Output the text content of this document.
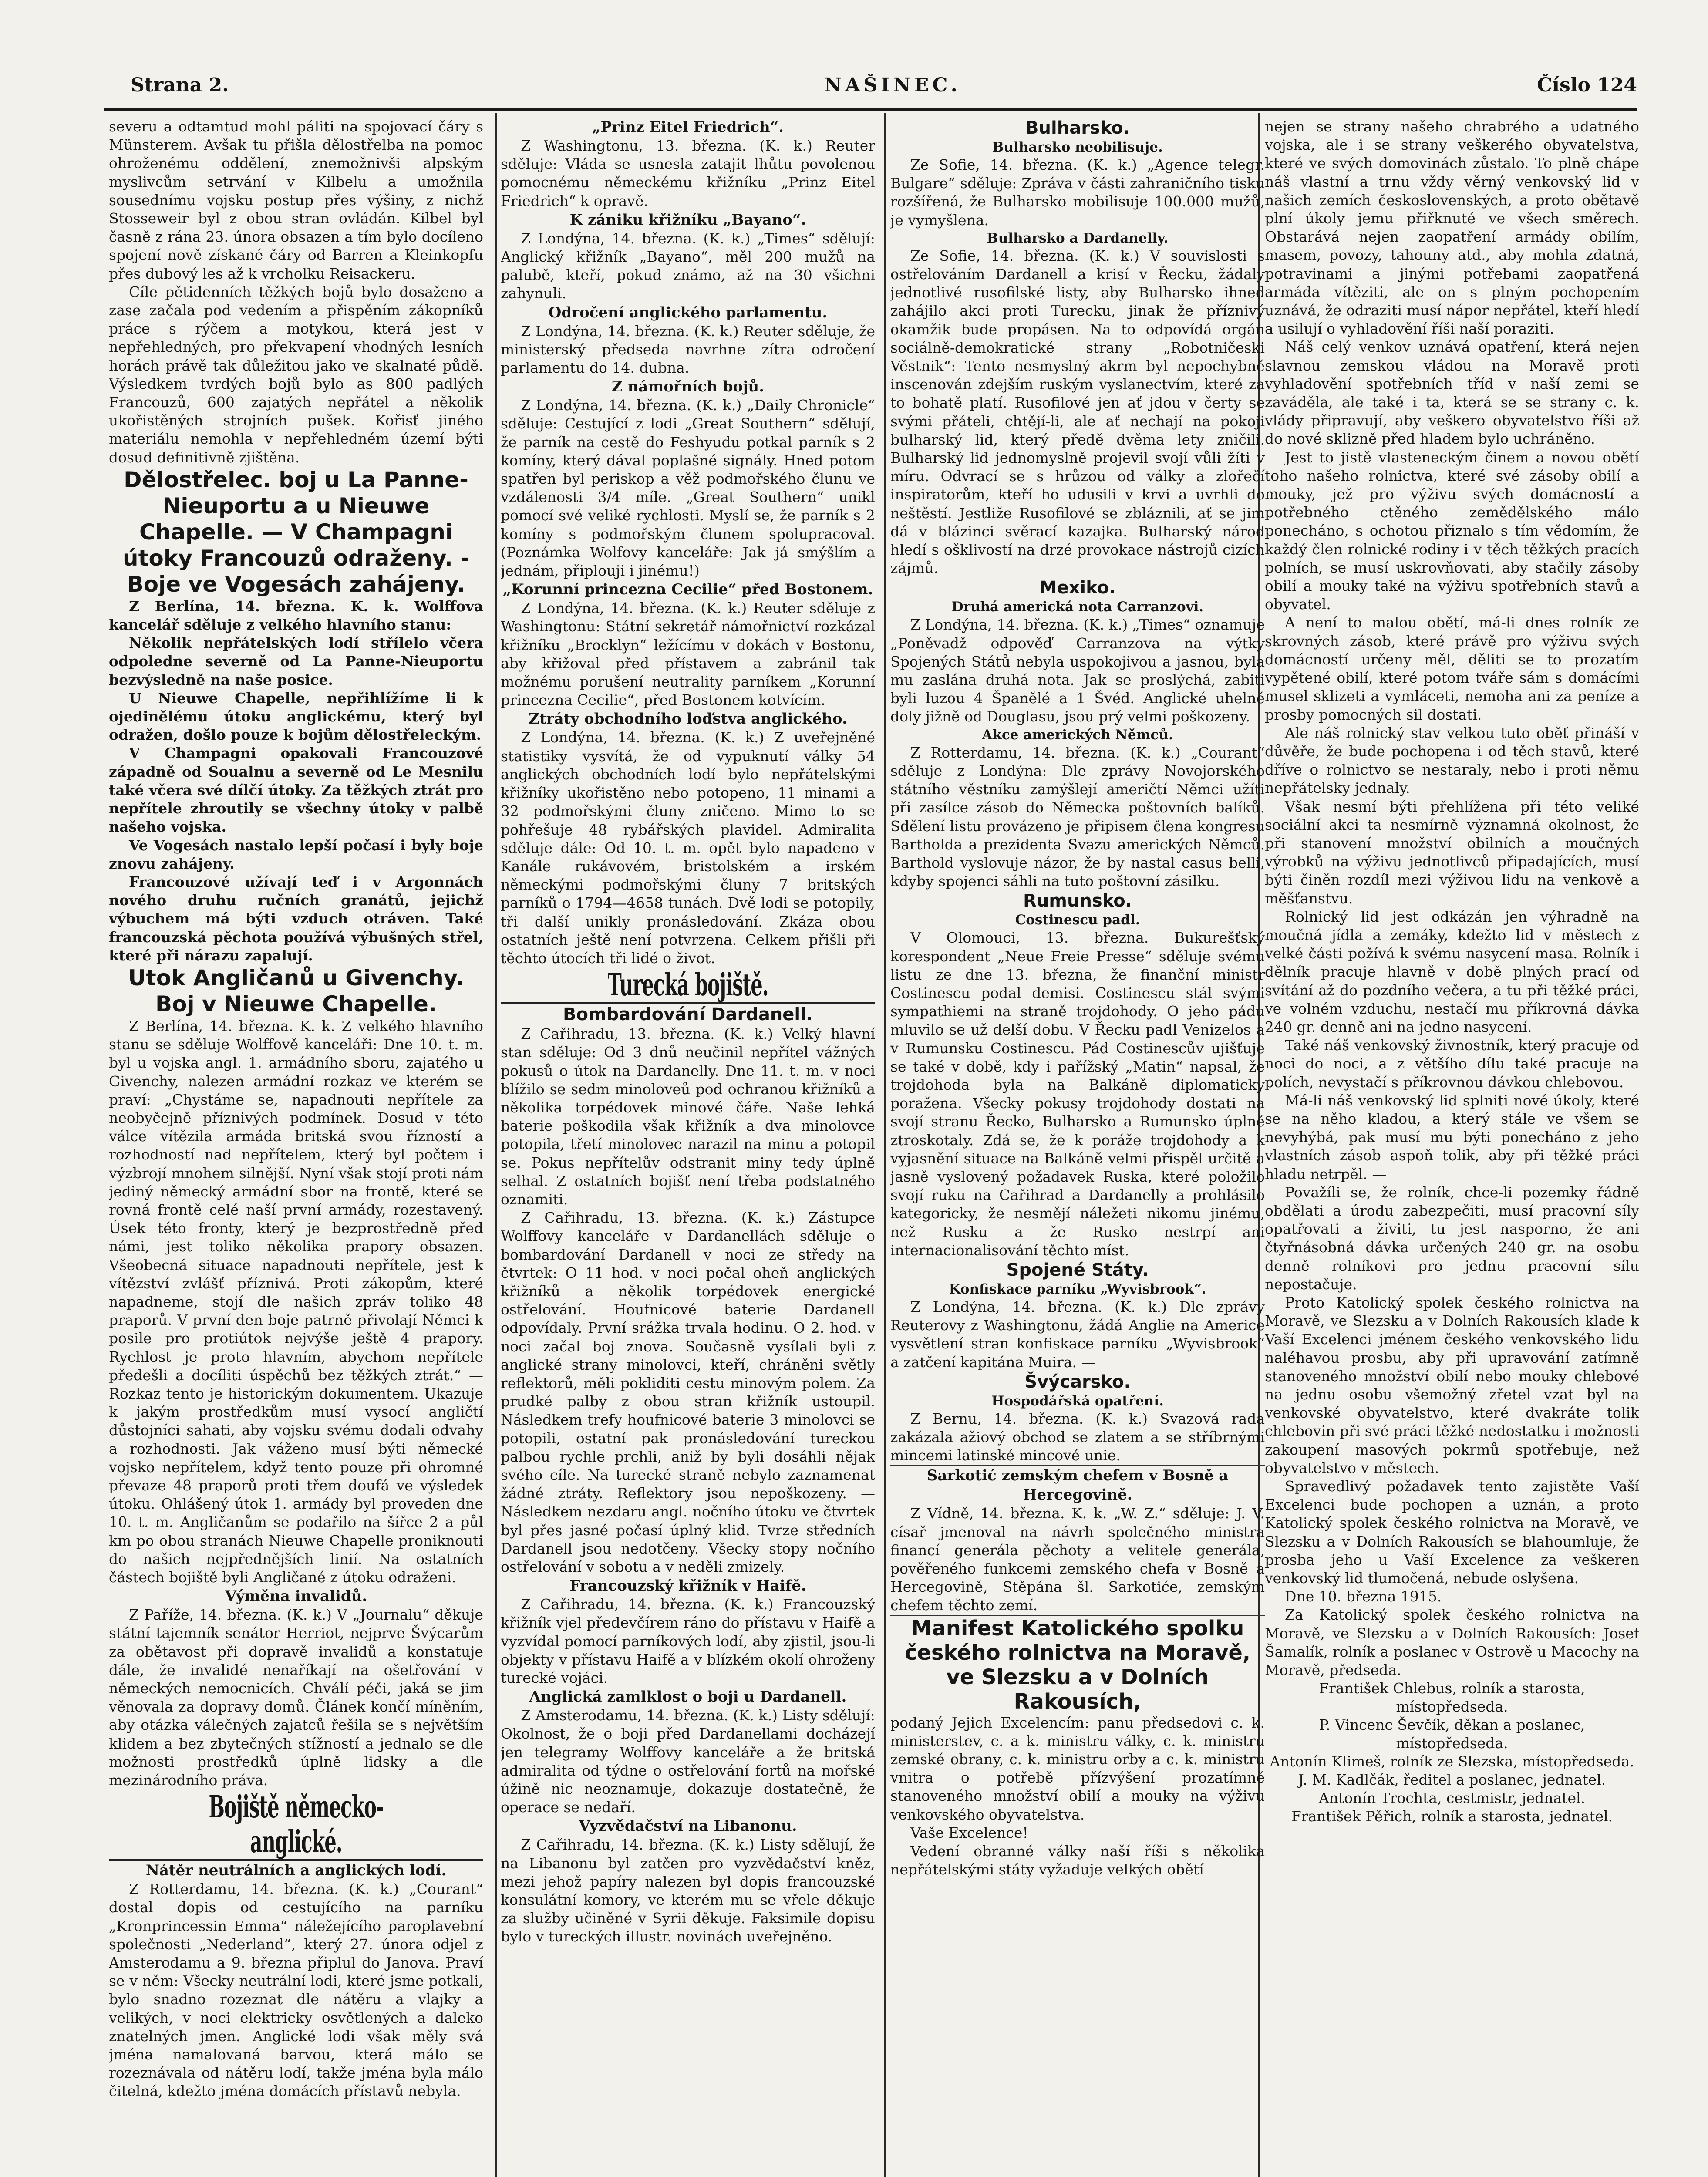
Strana 2.	NAŠINEC.	Číslo 124

severu a odtamtud mohl páliti na spojovací čáry s Münsterem. Avšak tu přišla dělostřelba na pomoc ohroženému oddělení, znemožnivši alpským myslivcům setrvání v Kilbelu a umožnila sousednímu vojsku postup přes výšiny, z nichž Stosseweir byl z obou stran ovládán. Kilbel byl časně z rána 23. února obsazen a tím bylo docíleno spojení nově získané čáry od Barren a Kleinkopfu přes dubový les až k vrcholku Reisackeru.

Cíle pětidenních těžkých bojů bylo dosaženo a zase začala pod vedením a přispěním zákopníků práce s rýčem a motykou, která jest v nepřehledných, pro překvapení vhodných lesních horách právě tak důležitou jako ve skalnaté půdě. Výsledkem tvrdých bojů bylo as 800 padlých Francouzů, 600 zajatých nepřátel a několik ukořistěných strojních pušek. Kořisť jiného materiálu nemohla v nepřehledném území býti dosud definitivně zjištěna.

Dělostřelec. boj u La Panne-Nieuportu a u Nieuwe Chapelle. — V Champagni útoky Francouzů odraženy. - Boje ve Vogesách zahájeny.

Z Berlína, 14. března. K. k. Wolffova kancelář sděluje z velkého hlavního stanu:

Několik nepřátelských lodí střílelo včera odpoledne severně od La Panne-Nieuportu bezvýsledně na naše posice.

U Nieuwe Chapelle, nepřihlížíme li k ojedinělému útoku anglickému, který byl odražen, došlo pouze k bojům dělostřeleckým.

V Champagni opakovali Francouzové západně od Soualnu a severně od Le Mesnilu také včera své dílčí útoky. Za těžkých ztrát pro nepřítele zhroutily se všechny útoky v palbě našeho vojska.

Ve Vogesách nastalo lepší počasí i byly boje znovu zahájeny.

Francouzové užívají teď i v Argonnách nového druhu ručních granátů, jejichž výbuchem má býti vzduch otráven. Také francouzská pěchota používá výbušných střel, které při nárazu zapalují.

Utok Angličanů u Givenchy. Boj v Nieuwe Chapelle.

Z Berlína, 14. března. K. k. Z velkého hlavního stanu se sděluje Wolffově kanceláři: Dne 10. t. m. byl u vojska angl. 1. armádního sboru, zajatého u Givenchy, nalezen armádní rozkaz ve kterém se praví: „Chystáme se, napadnouti nepřítele za neobyčejně příznivých podmínek. Dosud v této válce vítězila armáda britská svou řízností a rozhodností nad nepřítelem, který byl počtem i výzbrojí mnohem silnější. Nyní však stojí proti nám jediný německý armádní sbor na frontě, které se rovná frontě celé naší první armády, rozestavený. Úsek této fronty, který je bezprostředně před námi, jest toliko několika prapory obsazen. Všeobecná situace napadnouti nepřítele, jest k vítězství zvlášť příznivá. Proti zákopům, které napadneme, stojí dle našich zpráv toliko 48 praporů. V první den boje patrně přivolají Němci k posile pro protiútok nejvýše ještě 4 prapory. Rychlost je proto hlavním, abychom nepřítele předešli a docíliti úspěchů bez těžkých ztrát.“ — Rozkaz tento je historickým dokumentem. Ukazuje k jakým prostředkům musí vysocí angličtí důstojníci sahati, aby vojsku svému dodali odvahy a rozhodnosti. Jak váženo musí býti německé vojsko nepřítelem, když tento pouze při ohromné převaze 48 praporů proti třem doufá ve výsledek útoku. Ohlášený útok 1. armády byl proveden dne 10. t. m. Angličanům se podařilo na šířce 2 a půl km po obou stranách Nieuwe Chapelle proniknouti do našich nejpřednějších linií. Na ostatních částech bojiště byli Angličané z útoku odraženi.

Výměna invalidů.

Z Paříže, 14. března. (K. k.) V „Journalu“ děkuje státní tajemník senátor Herriot, nejprve Švýcarům za obětavost při dopravě invalidů a konstatuje dále, že invalidé nenaříkají na ošetřování v německých nemocnicích. Chválí péči, jaká se jim věnovala za dopravy domů. Článek končí míněním, aby otázka válečných zajatců řešila se s největším klidem a bez zbytečných stížností a jednalo se dle možnosti prostředků úplně lidsky a dle mezinárodního práva.

Bojiště německo-anglické.
Nátěr neutrálních a anglických lodí.

Z Rotterdamu, 14. března. (K. k.) „Courant“ dostal dopis od cestujícího na parníku „Kronprincessin Emma“ náležejícího paroplavební společnosti „Nederland“, který 27. února odjel z Amsterodamu a 9. března připlul do Janova. Praví se v něm: Všecky neutrální lodi, které jsme potkali, bylo snadno rozeznat dle nátěru a vlajky a velikých, v noci elektricky osvětlených a daleko znatelných jmen. Anglické lodi však měly svá jména namalovaná barvou, která málo se rozeznávala od nátěru lodí, takže jména byla málo čitelná, kdežto jména domácích přístavů nebyla.

„Prinz Eitel Friedrich“.

Z Washingtonu, 13. března. (K. k.) Reuter sděluje: Vláda se usnesla zatajit lhůtu povolenou pomocnému německému křižníku „Prinz Eitel Friedrich“ k opravě.

K zániku křižníku „Bayano“.

Z Londýna, 14. března. (K. k.) „Times“ sdělují: Anglický křižník „Bayano“, měl 200 mužů na palubě, kteří, pokud známo, až na 30 všichni zahynuli.

Odročení anglického parlamentu.

Z Londýna, 14. března. (K. k.) Reuter sděluje, že ministerský předseda navrhne zítra odročení parlamentu do 14. dubna.

Z námořních bojů.

Z Londýna, 14. března. (K. k.) „Daily Chronicle“ sděluje: Cestující z lodi „Great Southern“ sdělují, že parník na cestě do Feshyudu potkal parník s 2 komíny, který dával poplašné signály. Hned potom spatřen byl periskop a věž podmořského člunu ve vzdálenosti 3/4 míle. „Great Southern“ unikl pomocí své veliké rychlosti. Myslí se, že parník s 2 komíny s podmořským člunem spolupracoval. (Poznámka Wolfovy kanceláře: Jak já smýšlím a jednám, připlouji i jinému!)

„Korunní princezna Cecilie“ před Bostonem.

Z Londýna, 14. března. (K. k.) Reuter sděluje z Washingtonu: Státní sekretář námořnictví rozkázal křižníku „Brocklyn“ ležícímu v dokách v Bostonu, aby křižoval před přístavem a zabránil tak možnému porušení neutrality parníkem „Korunní princezna Cecilie“, před Bostonem kotvícím.

Ztráty obchodního loďstva anglického.

Z Londýna, 14. března. (K. k.) Z uveřejněné statistiky vysvítá, že od vypuknutí války 54 anglických obchodních lodí bylo nepřátelskými křižníky ukořistěno nebo potopeno, 11 minami a 32 podmořskými čluny zničeno. Mimo to se pohřešuje 48 rybářských plavidel. Admiralita sděluje dále: Od 10. t. m. opět bylo napadeno v Kanále rukávovém, bristolském a irském německými podmořskými čluny 7 britských parníků o 1794—4658 tunách. Dvě lodi se potopily, tři další unikly pronásledování. Zkáza obou ostatních ještě není potvrzena. Celkem přišli při těchto útocích tři lidé o život.

Turecká bojiště.
Bombardování Dardanell.

Z Cařihradu, 13. března. (K. k.) Velký hlavní stan sděluje: Od 3 dnů neučinil nepřítel vážných pokusů o útok na Dardanelly. Dne 11. t. m. v noci blížilo se sedm minoloveů pod ochranou křižníků a několika torpédovek minové čáře. Naše lehká baterie poškodila však křižník a dva minolovce potopila, třetí minolovec narazil na minu a potopil se. Pokus nepřítelův odstranit miny tedy úplně selhal. Z ostatních bojišť není třeba podstatného oznamiti.

Z Cařihradu, 13. března. (K. k.) Zástupce Wolffovy kanceláře v Dardanellách sděluje o bombardování Dardanell v noci ze středy na čtvrtek: O 11 hod. v noci počal oheň anglických křižníků a několik torpédovek energické ostřelování. Houfnicové baterie Dardanell odpovídaly. První srážka trvala hodinu. O 2. hod. v noci začal boj znova. Současně vysílali byli z anglické strany minolovci, kteří, chráněni světly reflektorů, měli pokliditi cestu minovým polem. Za prudké palby z obou stran křižník ustoupil. Následkem trefy houfnicové baterie 3 minolovci se potopili, ostatní pak pronásledování tureckou palbou rychle prchli, aniž by byli dosáhli nějak svého cíle. Na turecké straně nebylo zaznamenat žádné ztráty. Reflektory jsou nepoškozeny. — Následkem nezdaru angl. nočního útoku ve čtvrtek byl přes jasné počasí úplný klid. Tvrze středních Dardanell jsou nedotčeny. Všecky stopy nočního ostřelování v sobotu a v neděli zmizely.

Francouzský křižník v Haifě.

Z Cařihradu, 14. března. (K. k.) Francouzský křižník vjel předevčírem ráno do přístavu v Haifě a vyzvídal pomocí parníkových lodí, aby zjistil, jsou-li objekty v přístavu Haifě a v blízkém okolí ohroženy turecké vojáci.

Anglická zamlklost o boji u Dardanell.

Z Amsterodamu, 14. března. (K. k.) Listy sdělují: Okolnost, že o boji před Dardanellami docházejí jen telegramy Wolffovy kanceláře a že britská admiralita od týdne o ostřelování fortů na mořské úžině nic neoznamuje, dokazuje dostatečně, že operace se nedaří.

Vyzvědačství na Libanonu.

Z Cařihradu, 14. března. (K. k.) Listy sdělují, že na Libanonu byl zatčen pro vyzvědačství kněz, mezi jehož papíry nalezen byl dopis francouzské konsulátní komory, ve kterém mu se vřele děkuje za služby učiněné v Syrii děkuje. Faksimile dopisu bylo v tureckých illustr. novinách uveřejněno.

Bulharsko.
Bulharsko neobilisuje.

Ze Sofie, 14. března. (K. k.) „Agence telegr. Bulgare“ sděluje: Zpráva v části zahraničního tisku rozšířená, že Bulharsko mobilisuje 100.000 mužů, je vymyšlena.

Bulharsko a Dardanelly.

Ze Sofie, 14. března. (K. k.) V souvislosti s ostřelováním Dardanell a krisí v Řecku, žádaly jednotlivé rusofilské listy, aby Bulharsko ihned zahájilo akci proti Turecku, jinak že příznivý okamžik bude propásen. Na to odpovídá orgán sociálně-demokratické strany „Robotničeski Věstnik“: Tento nesmyslný akrm byl nepochybně inscenován zdejším ruským vyslanectvím, které za to bohatě platí. Rusofilové jen ať jdou v čerty se svými přáteli, chtějí-li, ale ať nechají na pokoji bulharský lid, který předě dvěma lety zničili. Bulharský lid jednomyslně projevil svojí vůli žíti v míru. Odvrací se s hrůzou od války a zlořečí inspiratorům, kteří ho udusili v krvi a uvrhli do neštěstí. Jestliže Rusofilové se zbláznili, ať se jim dá v blázinci svěrací kazajka. Bulharský národ hledí s ošklivostí na drzé provokace nástrojů cizích zájmů.

Mexiko.
Druhá americká nota Carranzovi.

Z Londýna, 14. března. (K. k.) „Times“ oznamuje „Poněvadž odpověď Carranzova na výtky Spojených Států nebyla uspokojivou a jasnou, byla mu zaslána druhá nota. Jak se proslýchá, zabiti byli luzou 4 Španělé a 1 Švéd. Anglické uhelné doly jižně od Douglasu, jsou prý velmi poškozeny.

Akce amerických Němců.

Z Rotterdamu, 14. března. (K. k.) „Courant“ sděluje z Londýna: Dle zprávy Novojorského státního věstníku zamýšlejí američtí Němci užíti při zasílce zásob do Německa poštovních balíků. Sdělení listu provázeno je připisem člena kongresu Bartholda a prezidenta Svazu amerických Němců. Barthold vyslovuje názor, že by nastal casus belli, kdyby spojenci sáhli na tuto poštovní zásilku.

Rumunsko.
Costinescu padl.

V Olomouci, 13. března. Bukurešťský korespondent „Neue Freie Presse“ sděluje svému listu ze dne 13. března, že finanční ministr Costinescu podal demisi. Costinescu stál svými sympathiemi na straně trojdohody. O jeho pádu mluvilo se už delší dobu. V Řecku padl Venizelos a v Rumunsku Costinescu. Pád Costinescův ujišťuje se také v době, kdy i pařížský „Matin“ napsal, že trojdohoda byla na Balkáně diplomaticky poražena. Všecky pokusy trojdohody dostati na svojí stranu Řecko, Bulharsko a Rumunsko úplně ztroskotaly. Zdá se, že k poráže trojdohody a k vyjasnění situace na Balkáně velmi přispěl určitě a jasně vyslovený požadavek Ruska, které položilo svojí ruku na Cařihrad a Dardanelly a prohlásilo kategoricky, že nesmějí náležeti nikomu jinému, než Rusku a že Rusko nestrpí ani internacionalisování těchto míst.

Spojené Státy.
Konfiskace parníku „Wyvisbrook“.

Z Londýna, 14. března. (K. k.) Dle zprávy Reuterovy z Washingtonu, žádá Anglie na Americe vysvětlení stran konfiskace parníku „Wyvisbrook“ a zatčení kapitána Muira. —

Švýcarsko.
Hospodářská opatření.

Z Bernu, 14. března. (K. k.) Svazová rada zakázala ažiový obchod se zlatem a se stříbrnými mincemi latinské mincové unie.

Sarkotić zemským chefem v Bosně a Hercegovině.

Z Vídně, 14. března. K. k. „W. Z.“ sděluje: J. V. císař jmenoval na návrh společného ministra financí generála pěchoty a velitele generála, pověřeného funkcemi zemského chefa v Bosně a Hercegovině, Stěpána šl. Sarkotiće, zemským chefem těchto zemí.

Manifest Katolického spolku českého rolnictva na Moravě, ve Slezsku a v Dolních Rakousích,

podaný Jejich Excelencím: panu předsedovi c. k. ministerstev, c. a k. ministru války, c. k. ministru zemské obrany, c. k. ministru orby a c. k. ministru vnitra o potřebě přízvýšení prozatímně stanoveného množství obilí a mouky na výživu venkovského obyvatelstva.

Vaše Excelence!

Vedení obranné války naší říši s několika nepřátelskými státy vyžaduje velkých obětí

nejen se strany našeho chrabrého a udatného vojska, ale i se strany veškerého obyvatelstva, které ve svých domovinách zůstalo. To plně chápe náš vlastní a trnu vždy věrný venkovský lid v našich zemích československých, a proto obětavě plní úkoly jemu přiřknuté ve všech směrech. Obstarává nejen zaopatření armády obilím, masem, povozy, tahouny atd., aby mohla zdatná, potravinami a jinými potřebami zaopatřená armáda vítěziti, ale on s plným pochopením uznává, že odraziti musí nápor nepřátel, kteří hledí a usilují o vyhladovění říši naší poraziti.

Náš celý venkov uznává opatření, která nejen slavnou zemskou vládou na Moravě proti vyhladovění spotřebních tříd v naší zemi se zaváděla, ale také i ta, která se se strany c. k. vlády připravují, aby veškero obyvatelstvo říši až do nové sklizně před hladem bylo uchráněno.

Jest to jistě vlasteneckým činem a novou obětí toho našeho rolnictva, které své zásoby obilí a mouky, jež pro výživu svých domácností a potřebného ctěného zemědělského málo ponecháno, s ochotou přiznalo s tím vědomím, že každý člen rolnické rodiny i v těch těžkých pracích polních, se musí uskrovňovati, aby stačily zásoby obilí a mouky také na výživu spotřebních stavů a obyvatel.

A není to malou obětí, má-li dnes rolník ze skrovných zásob, které právě pro výživu svých domácností určeny měl, děliti se to prozatím vypětené obilí, které potom tváře sám s domácími musel sklizeti a vymláceti, nemoha ani za peníze a prosby pomocných sil dostati.

Ale náš rolnický stav velkou tuto oběť přináší v důvěře, že bude pochopena i od těch stavů, které dříve o rolnictvo se nestaraly, nebo i proti němu nepřátelsky jednaly.

Však nesmí býti přehlížena při této veliké sociální akci ta nesmírně významná okolnost, že při stanovení množství obilních a moučných výrobků na výživu jednotlivců připadajících, musí býti činěn rozdíl mezi výživou lidu na venkově a měšťanstvu.

Rolnický lid jest odkázán jen výhradně na moučná jídla a zemáky, kdežto lid v městech z velké části požívá k svému nasycení masa. Rolník i dělník pracuje hlavně v době plných prací od svítání až do pozdního večera, a tu při těžké práci, ve volném vzduchu, nestačí mu příkrovná dávka 240 gr. denně ani na jedno nasycení.

Také náš venkovský živnostník, který pracuje od noci do noci, a z většího dílu také pracuje na polích, nevystačí s příkrovnou dávkou chlebovou.

Má-li náš venkovský lid splniti nové úkoly, které se na něho kladou, a který stále ve všem se nevyhýbá, pak musí mu býti ponecháno z jeho vlastních zásob aspoň tolik, aby při těžké práci hladu netrpěl. —

Považíli se, že rolník, chce-li pozemky řádně obdělati a úrodu zabezpečiti, musí pracovní síly opatřovati a živiti, tu jest nasporno, že ani čtyřnásobná dávka určených 240 gr. na osobu denně rolníkovi pro jednu pracovní sílu nepostačuje.

Proto Katolický spolek českého rolnictva na Moravě, ve Slezsku a v Dolních Rakousích klade k Vaší Excelenci jménem českého venkovského lidu naléhavou prosbu, aby při upravování zatímně stanoveného množství obilí nebo mouky chlebové na jednu osobu všemožný zřetel vzat byl na venkovské obyvatelstvo, které dvakráte tolik chlebovin při své práci těžké nedostatku i možnosti zakoupení masových pokrmů spotřebuje, než obyvatelstvo v městech.

Spravedlivý požadavek tento zajistěte Vaší Excelenci bude pochopen a uznán, a proto Katolický spolek českého rolnictva na Moravě, ve Slezsku a v Dolních Rakousích se blahoumluje, že prosba jeho u Vaší Excelence za veškeren venkovský lid tlumočená, nebude oslyšena.

Dne 10. března 1915.

Za Katolický spolek českého rolnictva na Moravě, ve Slezsku a v Dolních Rakousích: Josef Šamalík, rolník a poslanec v Ostrově u Macochy na Moravě, předseda.

František Chlebus, rolník a starosta, místopředseda.

P. Vincenc Ševčík, děkan a poslanec, místopředseda.

Antonín Klimeš, rolník ze Slezska, místopředseda.

J. M. Kadlčák, ředitel a poslanec, jednatel.

Antonín Trochta, cestmistr, jednatel.

František Pěřich, rolník a starosta, jednatel.
